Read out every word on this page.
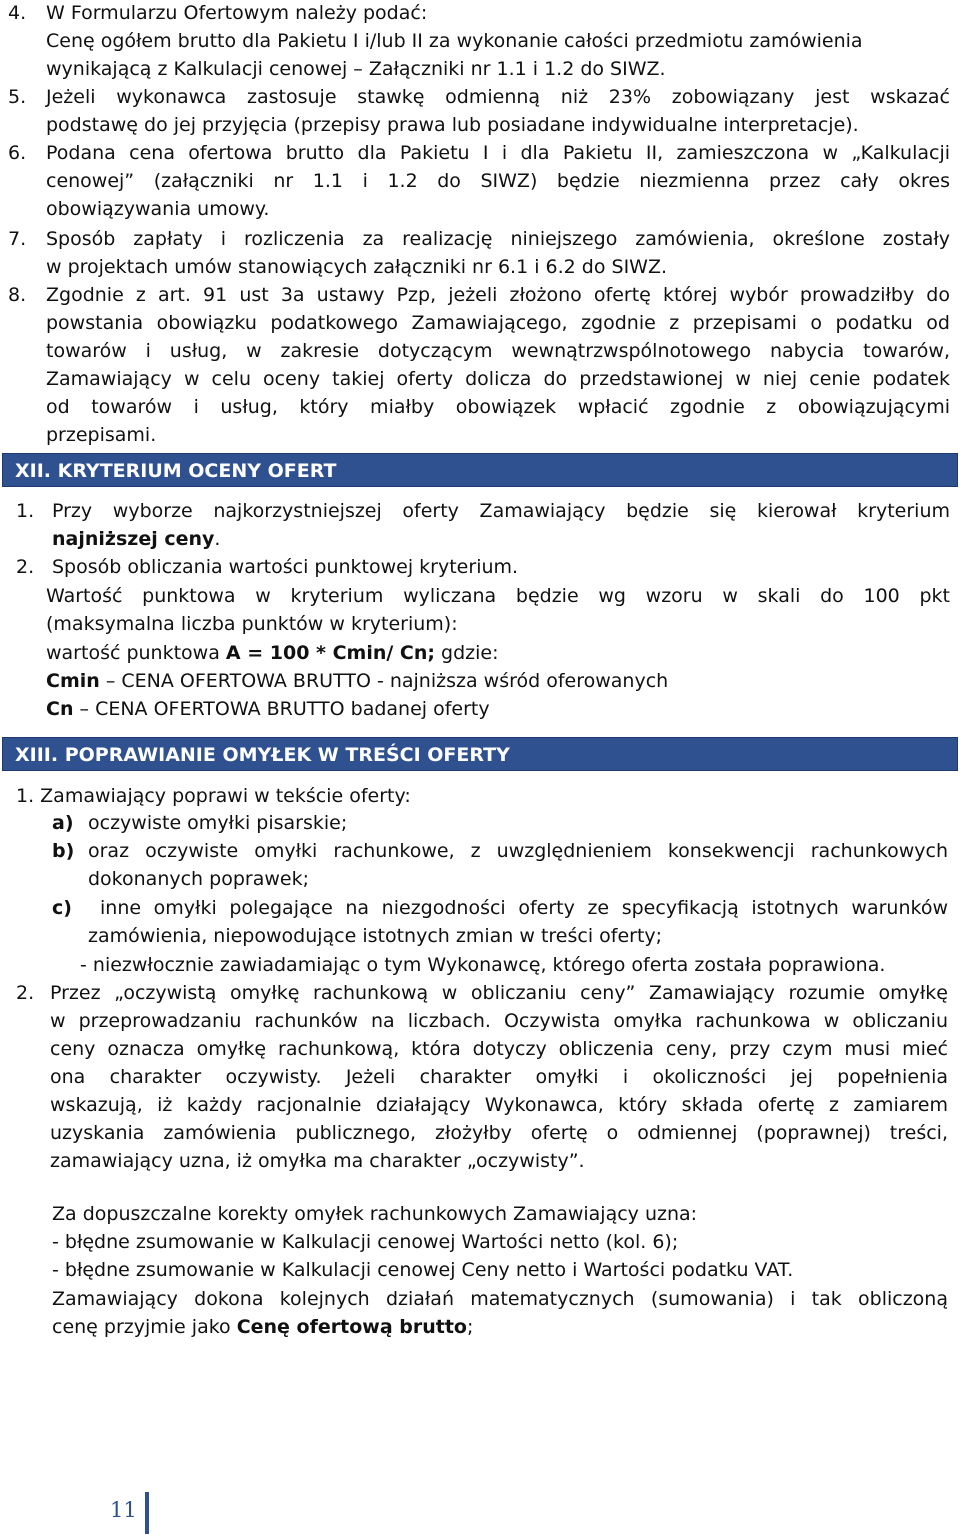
4. W Formularzu Ofertowym należy podać:
Cenę ogółem brutto dla Pakietu I i/lub II za wykonanie całości przedmiotu zamówienia
wynikającą z Kalkulacji cenowej – Załączniki nr 1.1 i 1.2 do SIWZ.
5. Jeżeli wykonawca zastosuje stawkę odmienną niż 23% zobowiązany jest wskazać
podstawę do jej przyjęcia (przepisy prawa lub posiadane indywidualne interpretacje).
6. Podana cena ofertowa brutto dla Pakietu I i dla Pakietu II, zamieszczona w „Kalkulacji
cenowej” (załączniki nr 1.1 i 1.2 do SIWZ) będzie niezmienna przez cały okres
obowiązywania umowy.
7. Sposób zapłaty i rozliczenia za realizację niniejszego zamówienia, określone zostały
w projektach umów stanowiących załączniki nr 6.1 i 6.2 do SIWZ.
8. Zgodnie z art. 91 ust 3a ustawy Pzp, jeżeli złożono ofertę której wybór prowadziłby do
powstania obowiązku podatkowego Zamawiającego, zgodnie z przepisami o podatku od
towarów i usług, w zakresie dotyczącym wewnątrzwspólnotowego nabycia towarów,
Zamawiający w celu oceny takiej oferty dolicza do przedstawionej w niej cenie podatek
od towarów i usług, który miałby obowiązek wpłacić zgodnie z obowiązującymi
przepisami.
XII. KRYTERIUM OCENY OFERT
1. Przy wyborze najkorzystniejszej oferty Zamawiający będzie się kierował kryterium
najniższej ceny.
2. Sposób obliczania wartości punktowej kryterium.
Wartość punktowa w kryterium wyliczana będzie wg wzoru w skali do 100 pkt
(maksymalna liczba punktów w kryterium):
wartość punktowa A = 100 * Cmin/ Cn; gdzie:
Cmin – CENA OFERTOWA BRUTTO - najniższa wśród oferowanych
Cn – CENA OFERTOWA BRUTTO badanej oferty
XIII. POPRAWIANIE OMYŁEK W TREŚCI OFERTY
1. Zamawiający poprawi w tekście oferty:
a) oczywiste omyłki pisarskie;
b) oraz oczywiste omyłki rachunkowe, z uwzględnieniem konsekwencji rachunkowych
dokonanych poprawek;
c) inne omyłki polegające na niezgodności oferty ze specyfikacją istotnych warunków
zamówienia, niepowodujące istotnych zmian w treści oferty;
- niezwłocznie zawiadamiając o tym Wykonawcę, którego oferta została poprawiona.
2. Przez „oczywistą omyłkę rachunkową w obliczaniu ceny” Zamawiający rozumie omyłkę
w przeprowadzaniu rachunków na liczbach. Oczywista omyłka rachunkowa w obliczaniu
ceny oznacza omyłkę rachunkową, która dotyczy obliczenia ceny, przy czym musi mieć
ona charakter oczywisty. Jeżeli charakter omyłki i okoliczności jej popełnienia
wskazują, iż każdy racjonalnie działający Wykonawca, który składa ofertę z zamiarem
uzyskania zamówienia publicznego, złożyłby ofertę o odmiennej (poprawnej) treści,
zamawiający uzna, iż omyłka ma charakter „oczywisty”.
Za dopuszczalne korekty omyłek rachunkowych Zamawiający uzna:
- błędne zsumowanie w Kalkulacji cenowej Wartości netto (kol. 6);
- błędne zsumowanie w Kalkulacji cenowej Ceny netto i Wartości podatku VAT.
Zamawiający dokona kolejnych działań matematycznych (sumowania) i tak obliczoną
cenę przyjmie jako Cenę ofertową brutto;
11
